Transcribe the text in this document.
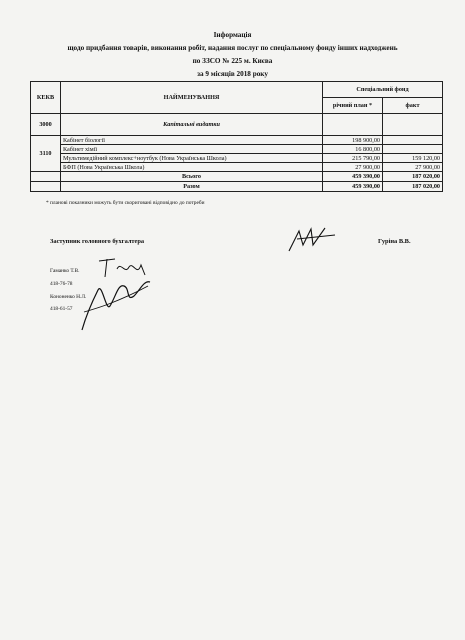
Інформація
щодо придбання товарів, виконання робіт, надання послуг по спеціальному фонду інших надходжень
по ЗЗСО № 225 м. Києва
за 9 місяців 2018 року
КЕКВ	НАЙМЕНУВАННЯ	Спеціальний фонд	
		річний план *	факт
3000	Капітальні видатки		
3110	Кабінет біології	198 900,00	
	Кабінет хімії	16 800,00	
	Мультимедійний комплекс+ноутбук (Нова Українська Школа)	215 790,00	159 120,00
	БФП (Нова Українська Школа)	27 900,00	27 900,00
	Всього	459 390,00	187 020,00
	Разом	459 390,00	187 020,00
* планові показники можуть бути скориговані відповідно до потреби
Заступник головного бухгалтера	Гуріна В.В.
Гаманко Т.В.
418-76-78
Кононенко Н.Л.
418-61-57
